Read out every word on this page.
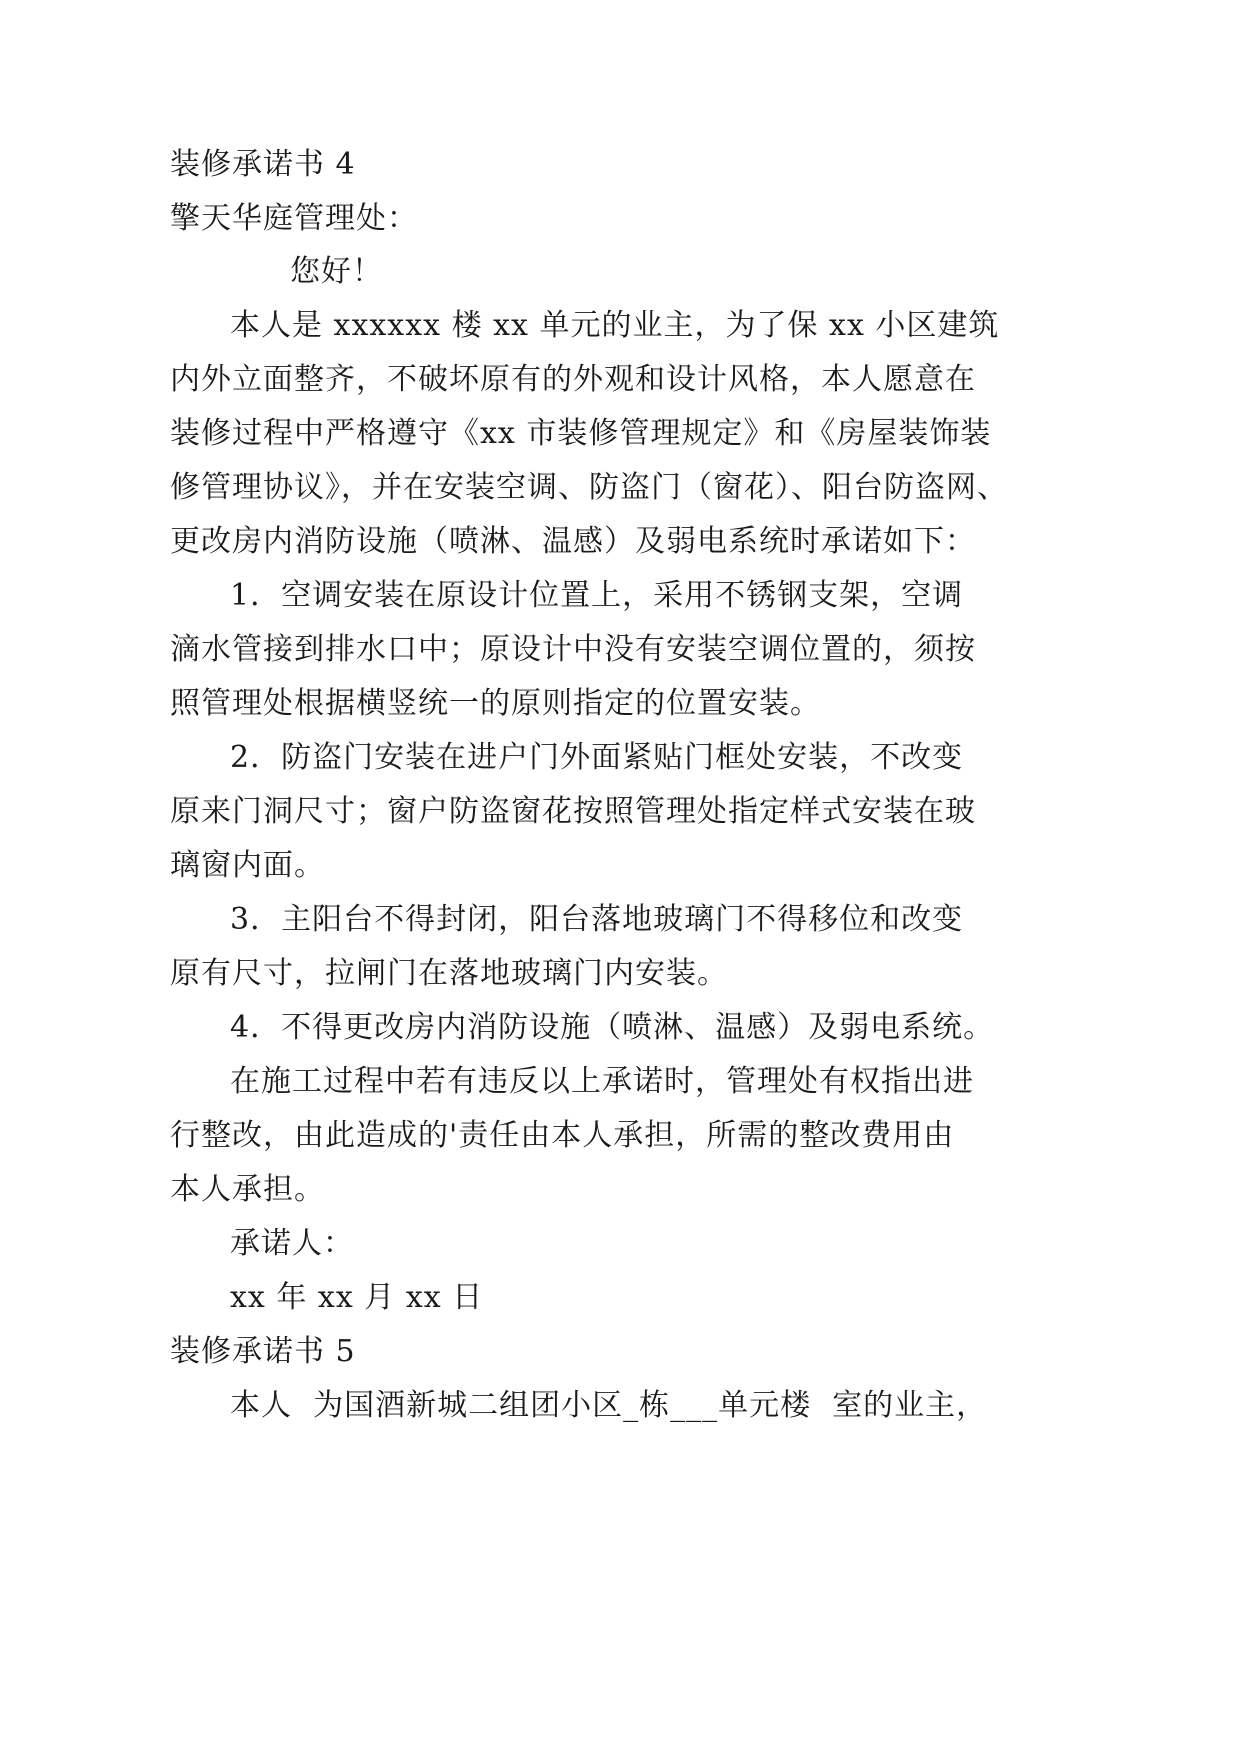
装修承诺书 4

擎天华庭管理处：

您好！

本人是 xxxxxx 楼 xx 单元的业主，为了保 xx 小区建筑

内外立面整齐，不破坏原有的外观和设计风格，本人愿意在

装修过程中严格遵守《xx 市装修管理规定》和《房屋装饰装

修管理协议》，并在安装空调、防盗门（窗花）、阳台防盗网、

更改房内消防设施（喷淋、温感）及弱电系统时承诺如下：

1．空调安装在原设计位置上，采用不锈钢支架，空调

滴水管接到排水口中；原设计中没有安装空调位置的，须按

照管理处根据横竖统一的原则指定的位置安装。

2．防盗门安装在进户门外面紧贴门框处安装，不改变

原来门洞尺寸；窗户防盗窗花按照管理处指定样式安装在玻

璃窗内面。

3．主阳台不得封闭，阳台落地玻璃门不得移位和改变

原有尺寸，拉闸门在落地玻璃门内安装。

4．不得更改房内消防设施（喷淋、温感）及弱电系统。

在施工过程中若有违反以上承诺时，管理处有权指出进

行整改，由此造成的'责任由本人承担，所需的整改费用由

本人承担。

承诺人：

xx 年 xx 月 xx 日

装修承诺书 5

本人  为国酒新城二组团小区_栋___单元楼  室的业主，
